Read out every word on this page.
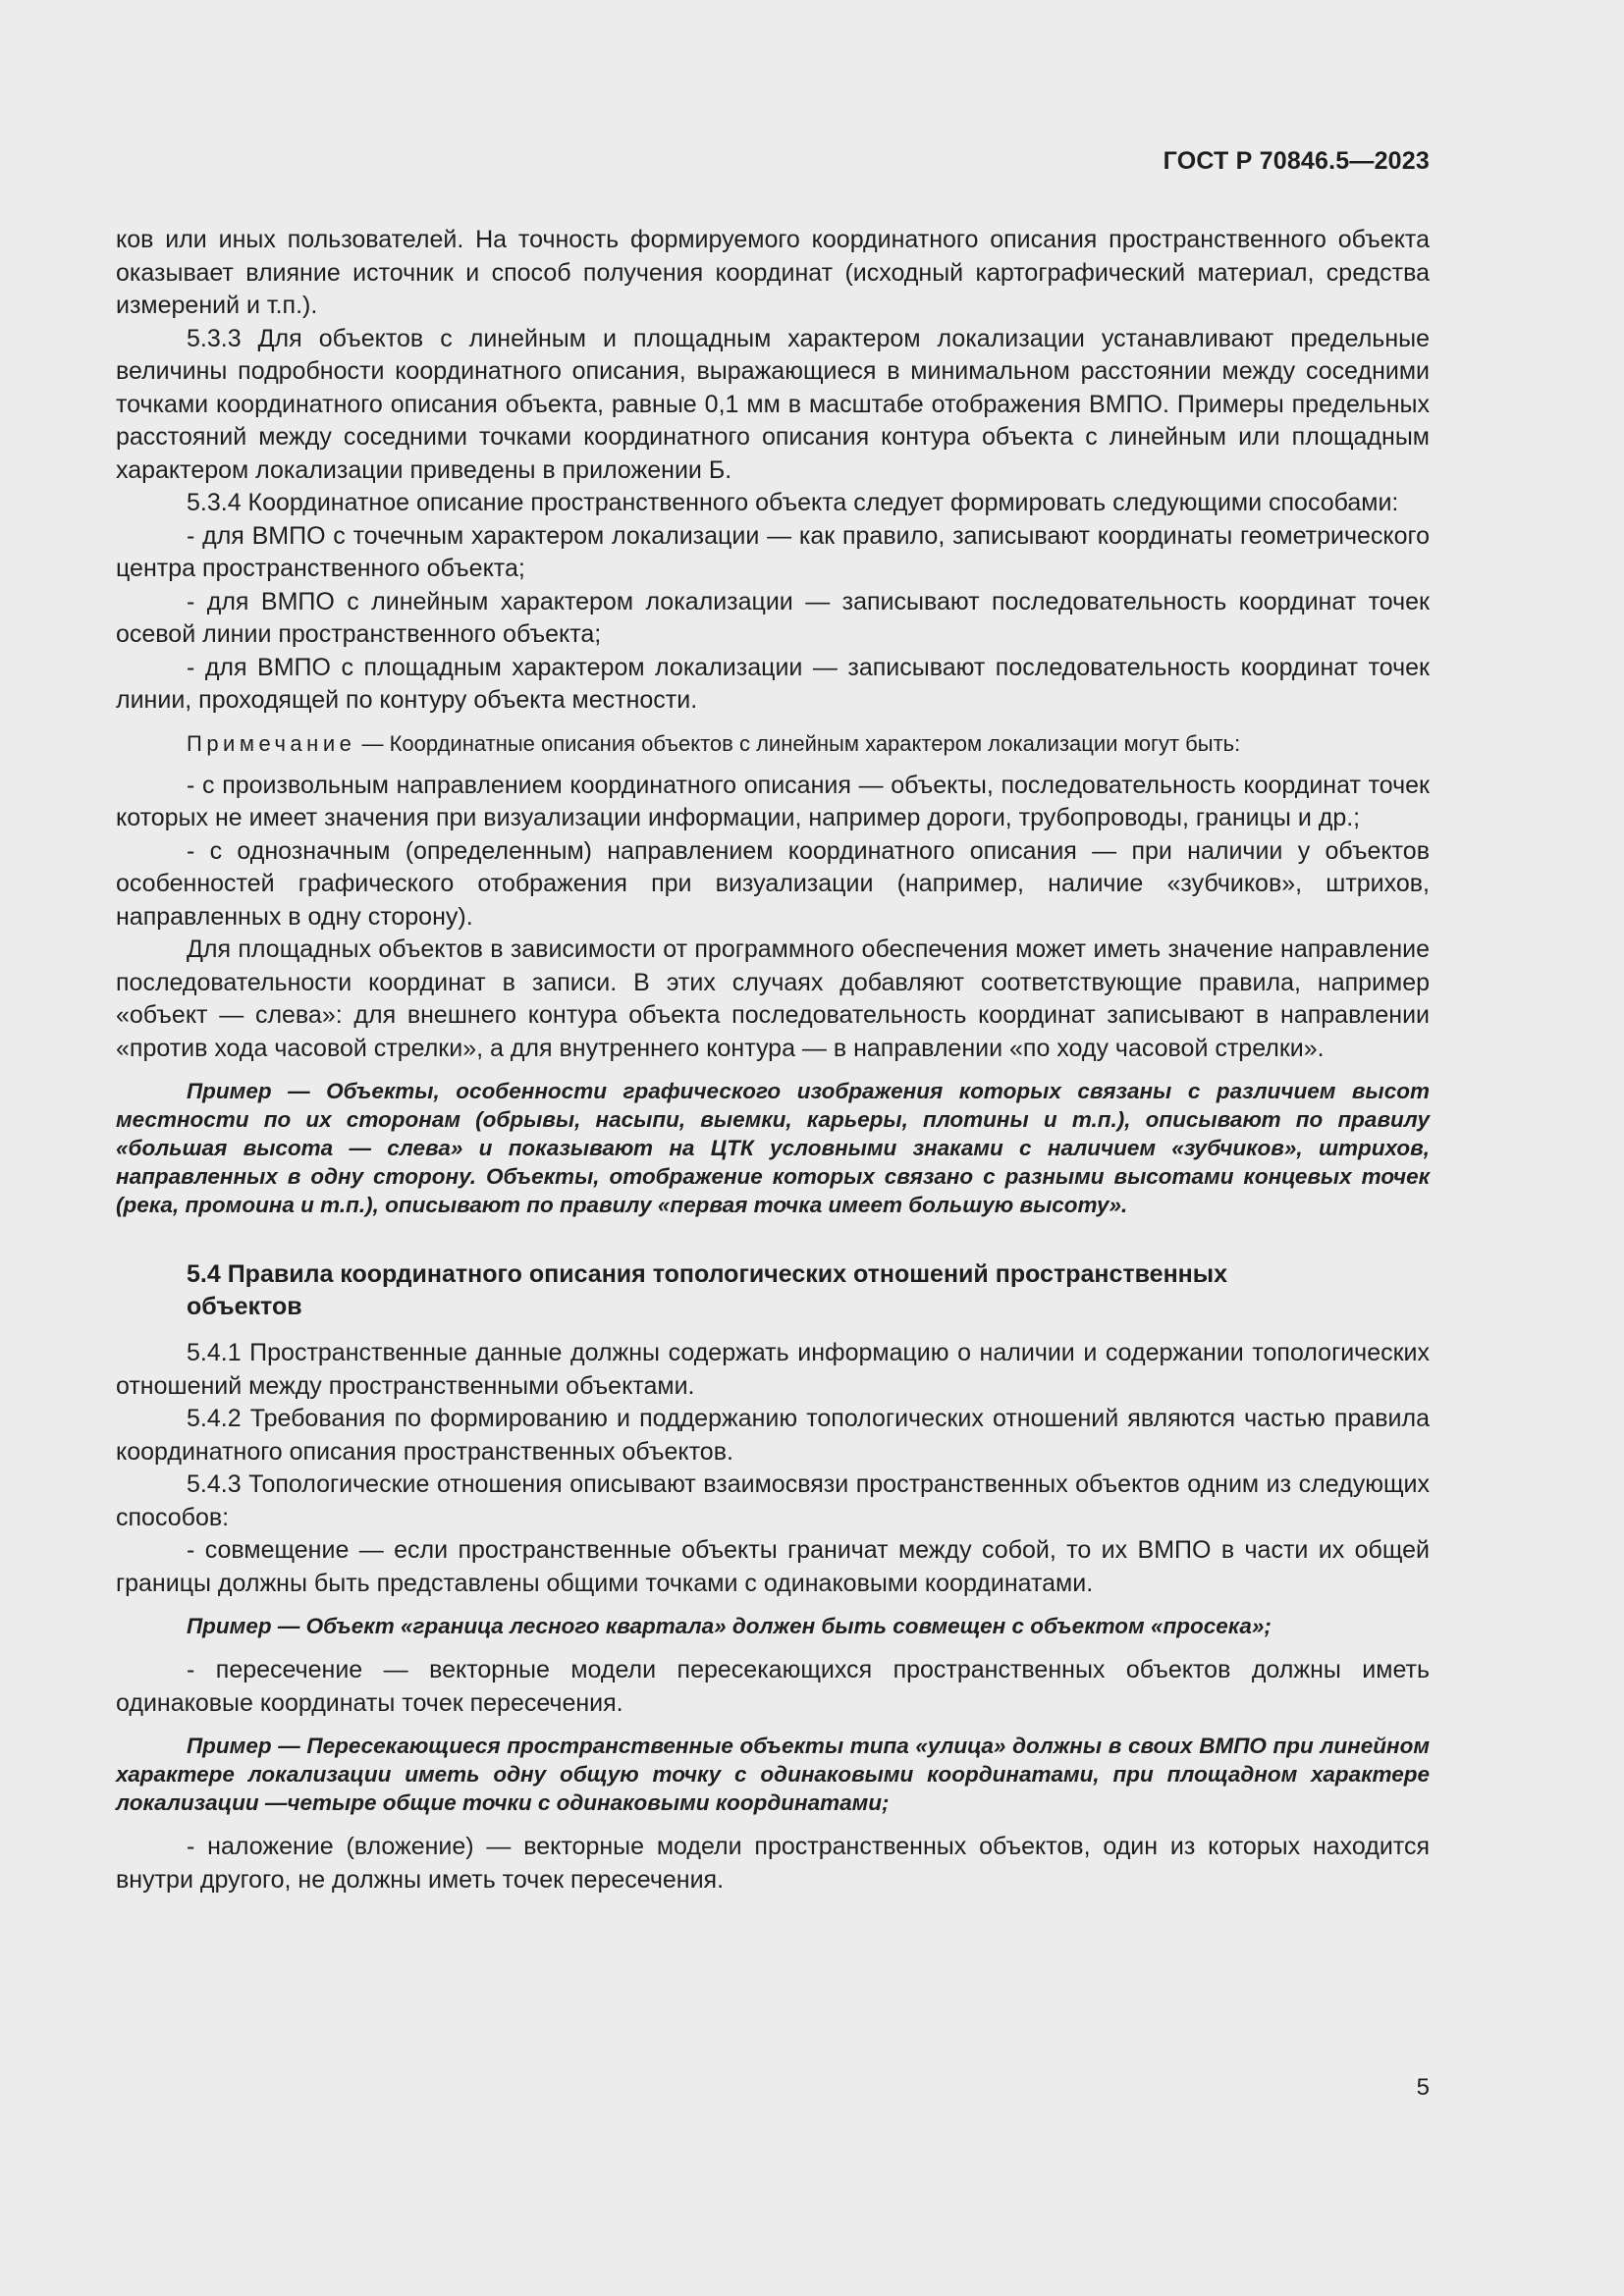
ГОСТ Р 70846.5—2023

ков или иных пользователей. На точность формируемого координатного описания пространственного объекта оказывает влияние источник и способ получения координат (исходный картографический материал, средства измерений и т.п.).

5.3.3 Для объектов с линейным и площадным характером локализации устанавливают предельные величины подробности координатного описания, выражающиеся в минимальном расстоянии между соседними точками координатного описания объекта, равные 0,1 мм в масштабе отображения ВМПО. Примеры предельных расстояний между соседними точками координатного описания контура объекта с линейным или площадным характером локализации приведены в приложении Б.

5.3.4 Координатное описание пространственного объекта следует формировать следующими способами:

- для ВМПО с точечным характером локализации — как правило, записывают координаты геометрического центра пространственного объекта;

- для ВМПО с линейным характером локализации — записывают последовательность координат точек осевой линии пространственного объекта;

- для ВМПО с площадным характером локализации — записывают последовательность координат точек линии, проходящей по контуру объекта местности.

Примечание — Координатные описания объектов с линейным характером локализации могут быть:

- с произвольным направлением координатного описания — объекты, последовательность координат точек которых не имеет значения при визуализации информации, например дороги, трубопроводы, границы и др.;

- с однозначным (определенным) направлением координатного описания — при наличии у объектов особенностей графического отображения при визуализации (например, наличие «зубчиков», штрихов, направленных в одну сторону).

Для площадных объектов в зависимости от программного обеспечения может иметь значение направление последовательности координат в записи. В этих случаях добавляют соответствующие правила, например «объект — слева»: для внешнего контура объекта последовательность координат записывают в направлении «против хода часовой стрелки», а для внутреннего контура — в направлении «по ходу часовой стрелки».

Пример — Объекты, особенности графического изображения которых связаны с различием высот местности по их сторонам (обрывы, насыпи, выемки, карьеры, плотины и т.п.), описывают по правилу «большая высота — слева» и показывают на ЦТК условными знаками с наличием «зубчиков», штрихов, направленных в одну сторону. Объекты, отображение которых связано с разными высотами концевых точек (река, промоина и т.п.), описывают по правилу «первая точка имеет большую высоту».

5.4 Правила координатного описания топологических отношений пространственных объектов

5.4.1 Пространственные данные должны содержать информацию о наличии и содержании топологических отношений между пространственными объектами.

5.4.2 Требования по формированию и поддержанию топологических отношений являются частью правила координатного описания пространственных объектов.

5.4.3 Топологические отношения описывают взаимосвязи пространственных объектов одним из следующих способов:

- совмещение — если пространственные объекты граничат между собой, то их ВМПО в части их общей границы должны быть представлены общими точками с одинаковыми координатами.

Пример — Объект «граница лесного квартала» должен быть совмещен с объектом «просека»;

- пересечение — векторные модели пересекающихся пространственных объектов должны иметь одинаковые координаты точек пересечения.

Пример — Пересекающиеся пространственные объекты типа «улица» должны в своих ВМПО при линейном характере локализации иметь одну общую точку с одинаковыми координатами, при площадном характере локализации —четыре общие точки с одинаковыми координатами;

- наложение (вложение) — векторные модели пространственных объектов, один из которых находится внутри другого, не должны иметь точек пересечения.

5
